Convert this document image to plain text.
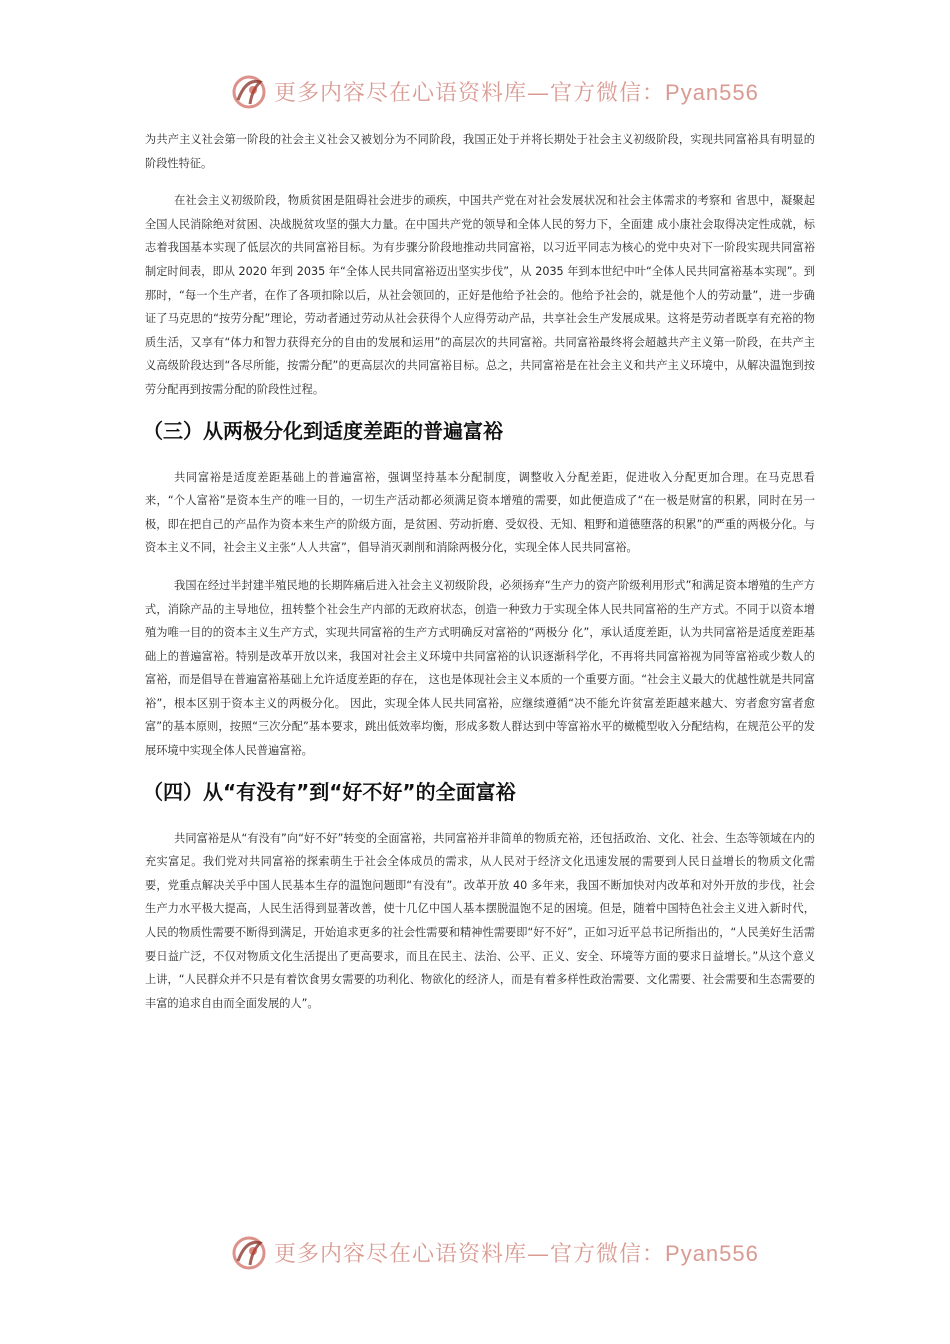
更多内容尽在心语资料库—官方微信：Pyan556

为共产主义社会第一阶段的社会主义社会又被划分为不同阶段，我国正处于并将长期处于社会主义初级阶段，实现共同富裕具有明显的阶段性特征。

在社会主义初级阶段，物质贫困是阻碍社会进步的顽疾，中国共产党在对社会发展状况和社会主体需求的考察和 省思中，凝聚起全国人民消除绝对贫困、决战脱贫攻坚的强大力量。在中国共产党的领导和全体人民的努力下，全面建 成小康社会取得决定性成就，标志着我国基本实现了低层次的共同富裕目标。为有步骤分阶段地推动共同富裕，以习近平同志为核心的党中央对下一阶段实现共同富裕制定时间表，即从 2020 年到 2035 年“全体人民共同富裕迈出坚实步伐”，从 2035 年到本世纪中叶“全体人民共同富裕基本实现”。到那时，“每一个生产者，在作了各项扣除以后，从社会领回的，正好是他给予社会的。他给予社会的，就是他个人的劳动量”，进一步确证了马克思的“按劳分配”理论，劳动者通过劳动从社会获得个人应得劳动产品，共享社会生产发展成果。这将是劳动者既享有充裕的物质生活，又享有“体力和智力获得充分的自由的发展和运用”的高层次的共同富裕。共同富裕最终将会超越共产主义第一阶段，在共产主义高级阶段达到“各尽所能，按需分配”的更高层次的共同富裕目标。总之，共同富裕是在社会主义和共产主义环境中，从解决温饱到按劳分配再到按需分配的阶段性过程。

（三）从两极分化到适度差距的普遍富裕

共同富裕是适度差距基础上的普遍富裕，强调坚持基本分配制度，调整收入分配差距，促进收入分配更加合理。在马克思看来，“个人富裕”是资本生产的唯一目的，一切生产活动都必须满足资本增殖的需要，如此便造成了“在一极是财富的积累，同时在另一极，即在把自己的产品作为资本来生产的阶级方面，是贫困、劳动折磨、受奴役、无知、粗野和道德堕落的积累”的严重的两极分化。与资本主义不同，社会主义主张“人人共富”，倡导消灭剥削和消除两极分化，实现全体人民共同富裕。

我国在经过半封建半殖民地的长期阵痛后进入社会主义初级阶段，必须扬弃“生产力的资产阶级利用形式”和满足资本增殖的生产方式，消除产品的主导地位，扭转整个社会生产内部的无政府状态，创造一种致力于实现全体人民共同富裕的生产方式。不同于以资本增殖为唯一目的的资本主义生产方式，实现共同富裕的生产方式明确反对富裕的“两极分 化”，承认适度差距，认为共同富裕是适度差距基础上的普遍富裕。特别是改革开放以来，我国对社会主义环境中共同富裕的认识逐渐科学化，不再将共同富裕视为同等富裕或少数人的富裕，而是倡导在普遍富裕基础上允许适度差距的存在， 这也是体现社会主义本质的一个重要方面。“社会主义最大的优越性就是共同富裕”，根本区别于资本主义的两极分化。 因此，实现全体人民共同富裕，应继续遵循“决不能允许贫富差距越来越大、穷者愈穷富者愈富”的基本原则，按照“三次分配”基本要求，跳出低效率均衡，形成多数人群达到中等富裕水平的橄榄型收入分配结构，在规范公平的发展环境中实现全体人民普遍富裕。

（四）从“有没有”到“好不好”的全面富裕

共同富裕是从“有没有”向“好不好”转变的全面富裕，共同富裕并非简单的物质充裕，还包括政治、文化、社会、生态等领域在内的充实富足。我们党对共同富裕的探索萌生于社会全体成员的需求，从人民对于经济文化迅速发展的需要到人民日益增长的物质文化需要，党重点解决关乎中国人民基本生存的温饱问题即“有没有”。改革开放 40 多年来，我国不断加快对内改革和对外开放的步伐，社会生产力水平极大提高，人民生活得到显著改善，使十几亿中国人基本摆脱温饱不足的困境。但是，随着中国特色社会主义进入新时代，人民的物质性需要不断得到满足，开始追求更多的社会性需要和精神性需要即“好不好”，正如习近平总书记所指出的，“人民美好生活需要日益广泛，不仅对物质文化生活提出了更高要求，而且在民主、法治、公平、正义、安全、环境等方面的要求日益增长。”从这个意义上讲，“人民群众并不只是有着饮食男女需要的功利化、物欲化的经济人，而是有着多样性政治需要、文化需要、社会需要和生态需要的丰富的追求自由而全面发展的人”。

更多内容尽在心语资料库—官方微信：Pyan556
